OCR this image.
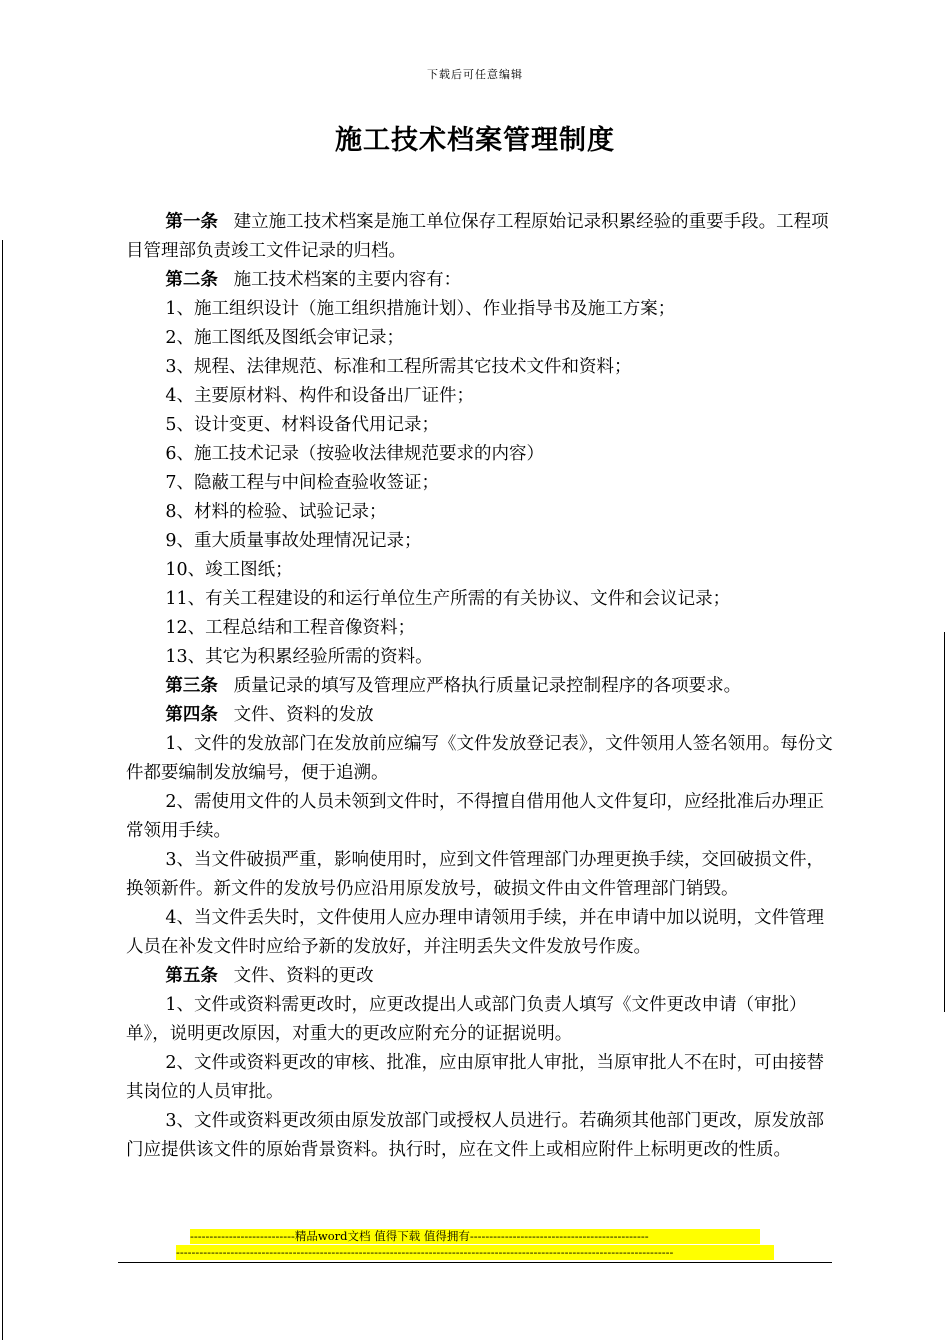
下载后可任意编辑
施工技术档案管理制度

第一条 建立施工技术档案是施工单位保存工程原始记录积累经验的重要手段。工程项目管理部负责竣工文件记录的归档。

第二条 施工技术档案的主要内容有：

1、施工组织设计（施工组织措施计划）、作业指导书及施工方案；

2、施工图纸及图纸会审记录；

3、规程、法律规范、标准和工程所需其它技术文件和资料；

4、主要原材料、构件和设备出厂证件；

5、设计变更、材料设备代用记录；

6、施工技术记录（按验收法律规范要求的内容）

7、隐蔽工程与中间检查验收签证；

8、材料的检验、试验记录；

9、重大质量事故处理情况记录；

10、竣工图纸；

11、有关工程建设的和运行单位生产所需的有关协议、文件和会议记录；

12、工程总结和工程音像资料；

13、其它为积累经验所需的资料。

第三条 质量记录的填写及管理应严格执行质量记录控制程序的各项要求。

第四条 文件、资料的发放

1、文件的发放部门在发放前应编写《文件发放登记表》，文件领用人签名领用。每份文件都要编制发放编号，便于追溯。

2、需使用文件的人员未领到文件时，不得擅自借用他人文件复印，应经批准后办理正常领用手续。

3、当文件破损严重，影响使用时，应到文件管理部门办理更换手续，交回破损文件，换领新件。新文件的发放号仍应沿用原发放号，破损文件由文件管理部门销毁。

4、当文件丢失时，文件使用人应办理申请领用手续，并在申请中加以说明，文件管理人员在补发文件时应给予新的发放好，并注明丢失文件发放号作废。

第五条 文件、资料的更改

1、文件或资料需更改时，应更改提出人或部门负责人填写《文件更改申请（审批）单》，说明更改原因，对重大的更改应附充分的证据说明。

2、文件或资料更改的审核、批准，应由原审批人审批，当原审批人不在时，可由接替其岗位的人员审批。

3、文件或资料更改须由原发放部门或授权人员进行。若确须其他部门更改，原发放部门应提供该文件的原始背景资料。执行时，应在文件上或相应附件上标明更改的性质。

---------------------------精品word文档 值得下载 值得拥有----------------------------------------------
--------------------------------------------------------------------------------------------------------------------------------
